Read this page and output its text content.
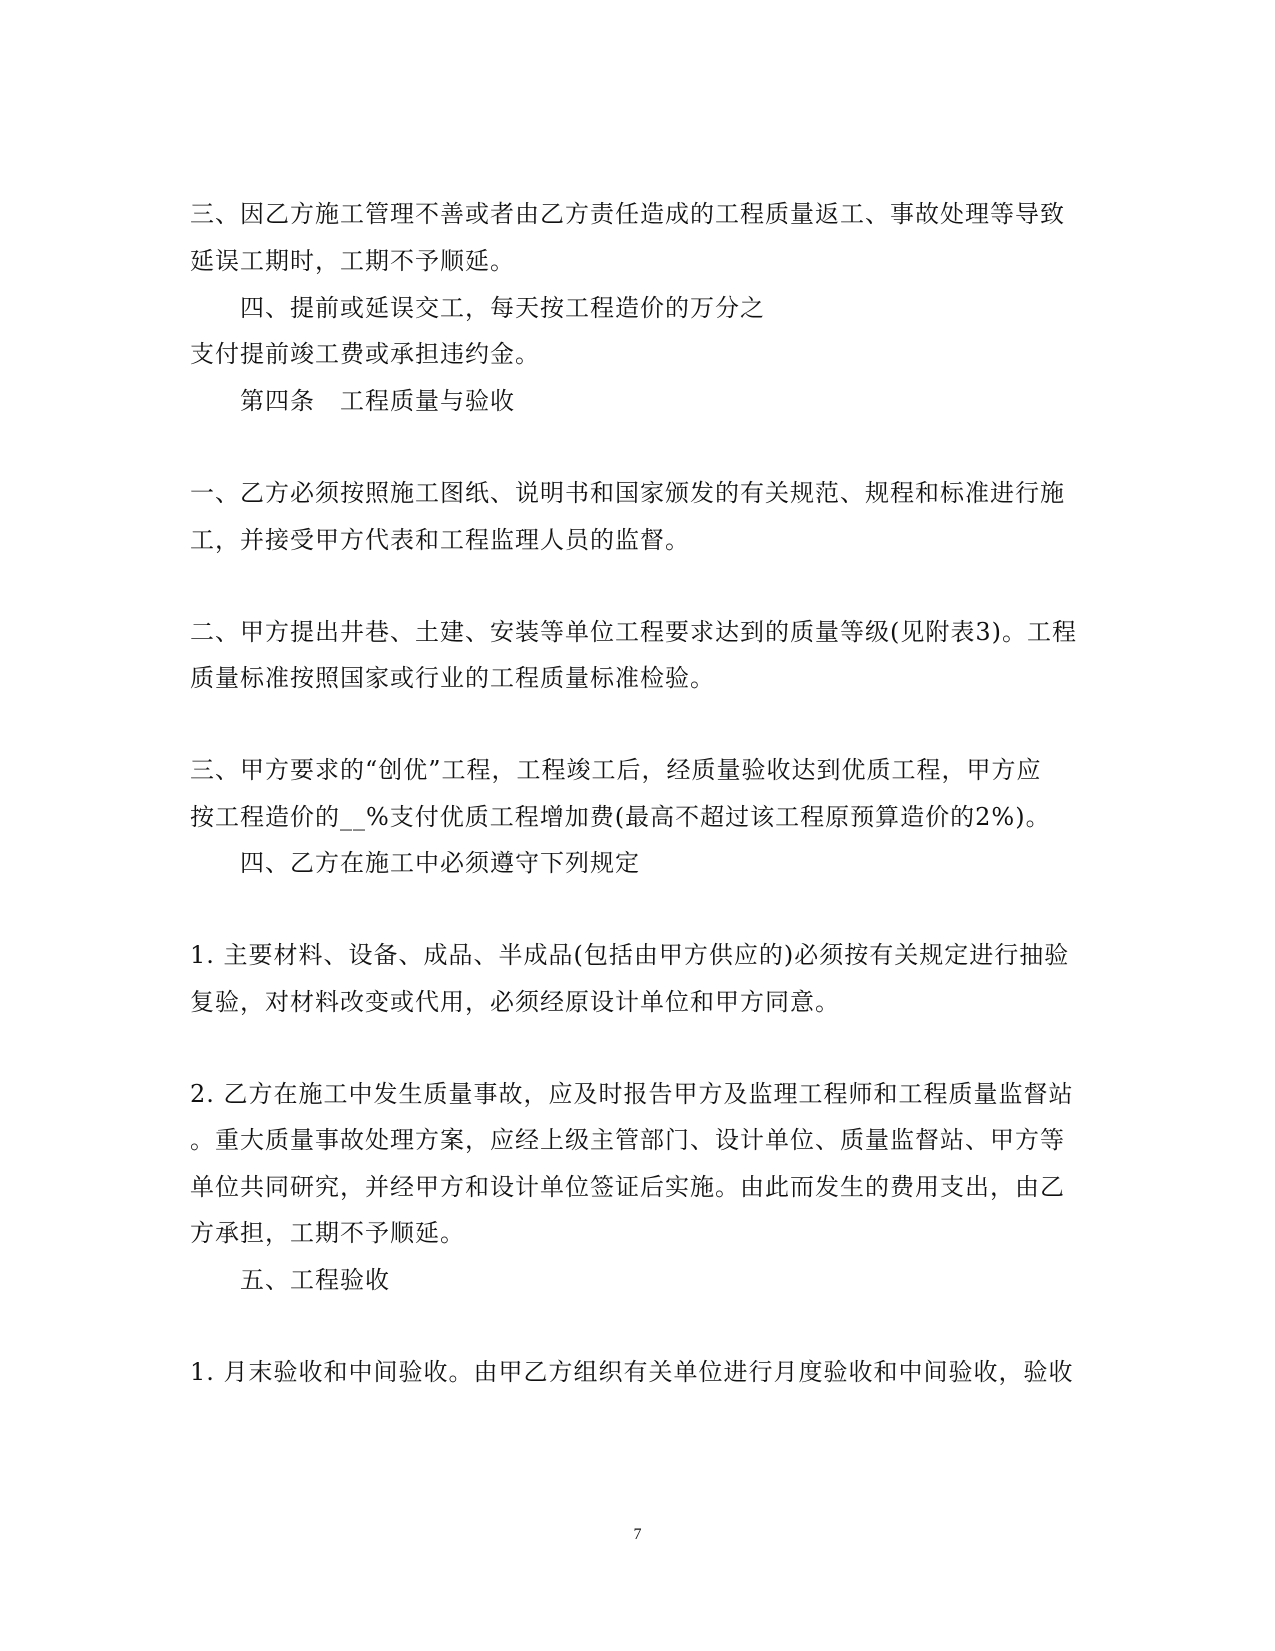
三、因乙方施工管理不善或者由乙方责任造成的工程质量返工、事故处理等导致
延误工期时，工期不予顺延。
四、提前或延误交工，每天按工程造价的万分之
支付提前竣工费或承担违约金。
第四条　工程质量与验收
一、乙方必须按照施工图纸、说明书和国家颁发的有关规范、规程和标准进行施
工，并接受甲方代表和工程监理人员的监督。
二、甲方提出井巷、土建、安装等单位工程要求达到的质量等级(见附表3)。工程
质量标准按照国家或行业的工程质量标准检验。
三、甲方要求的“创优”工程，工程竣工后，经质量验收达到优质工程，甲方应
按工程造价的__%支付优质工程增加费(最高不超过该工程原预算造价的2%)。
四、乙方在施工中必须遵守下列规定
1. 主要材料、设备、成品、半成品(包括由甲方供应的)必须按有关规定进行抽验
复验，对材料改变或代用，必须经原设计单位和甲方同意。
2. 乙方在施工中发生质量事故，应及时报告甲方及监理工程师和工程质量监督站
。重大质量事故处理方案，应经上级主管部门、设计单位、质量监督站、甲方等
单位共同研究，并经甲方和设计单位签证后实施。由此而发生的费用支出，由乙
方承担，工期不予顺延。
五、工程验收
1. 月末验收和中间验收。由甲乙方组织有关单位进行月度验收和中间验收，验收
7
